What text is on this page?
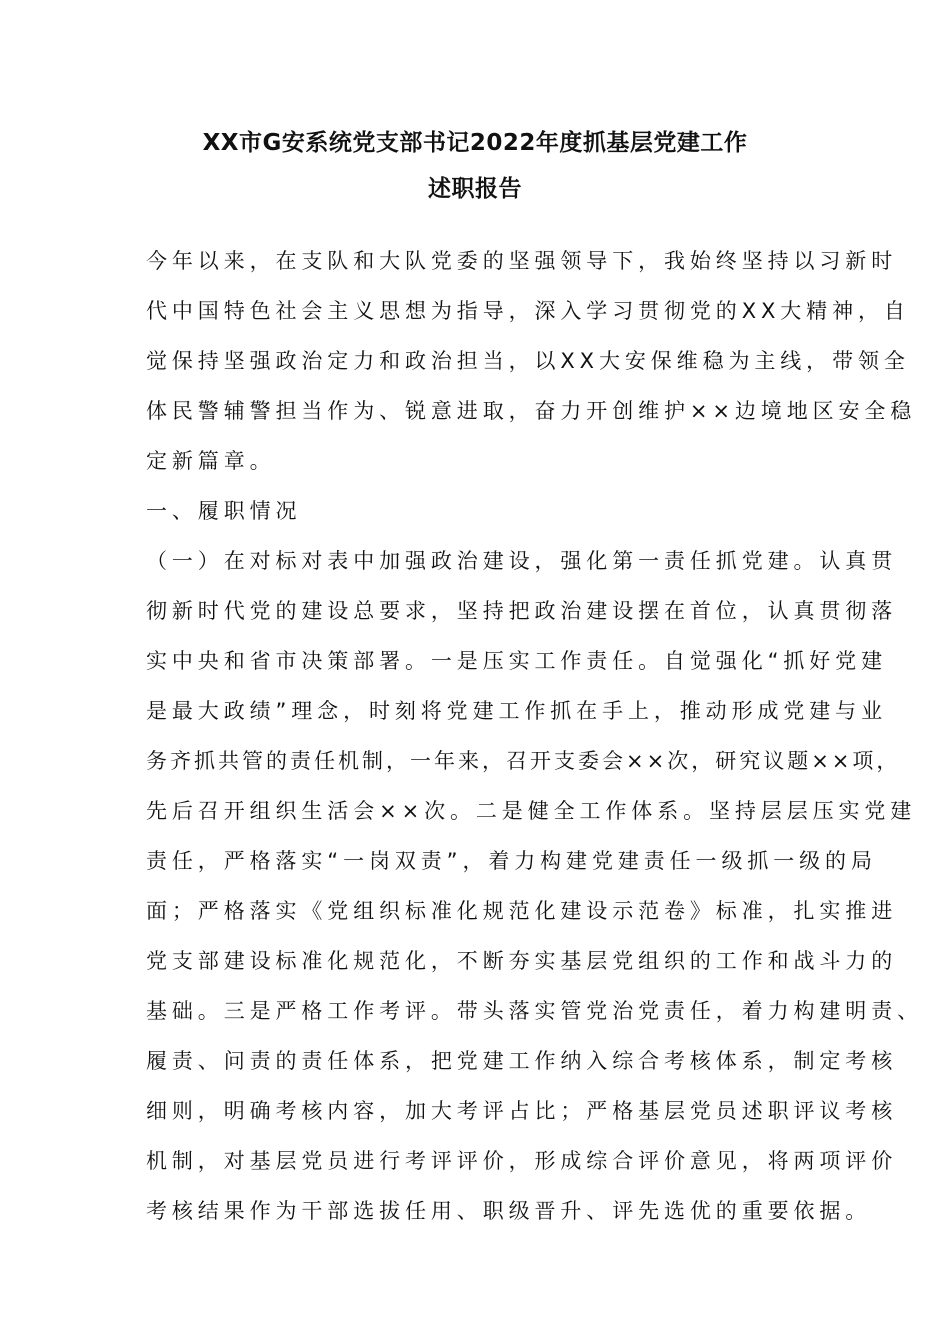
XX市G安系统党支部书记2022年度抓基层党建工作
述职报告
今年以来，在支队和大队党委的坚强领导下，我始终坚持以习新时
代中国特色社会主义思想为指导，深入学习贯彻党的XX大精神，自
觉保持坚强政治定力和政治担当，以XX大安保维稳为主线，带领全
体民警辅警担当作为、锐意进取，奋力开创维护××边境地区安全稳
定新篇章。
一、履职情况
（一）在对标对表中加强政治建设，强化第一责任抓党建。认真贯
彻新时代党的建设总要求，坚持把政治建设摆在首位，认真贯彻落
实中央和省市决策部署。一是压实工作责任。自觉强化“抓好党建
是最大政绩”理念，时刻将党建工作抓在手上，推动形成党建与业
务齐抓共管的责任机制，一年来，召开支委会××次，研究议题××项，
先后召开组织生活会××次。二是健全工作体系。坚持层层压实党建
责任，严格落实“一岗双责”，着力构建党建责任一级抓一级的局
面；严格落实《党组织标准化规范化建设示范卷》标准，扎实推进
党支部建设标准化规范化，不断夯实基层党组织的工作和战斗力的
基础。三是严格工作考评。带头落实管党治党责任，着力构建明责、
履责、问责的责任体系，把党建工作纳入综合考核体系，制定考核
细则，明确考核内容，加大考评占比；严格基层党员述职评议考核
机制，对基层党员进行考评评价，形成综合评价意见，将两项评价
考核结果作为干部选拔任用、职级晋升、评先选优的重要依据。
